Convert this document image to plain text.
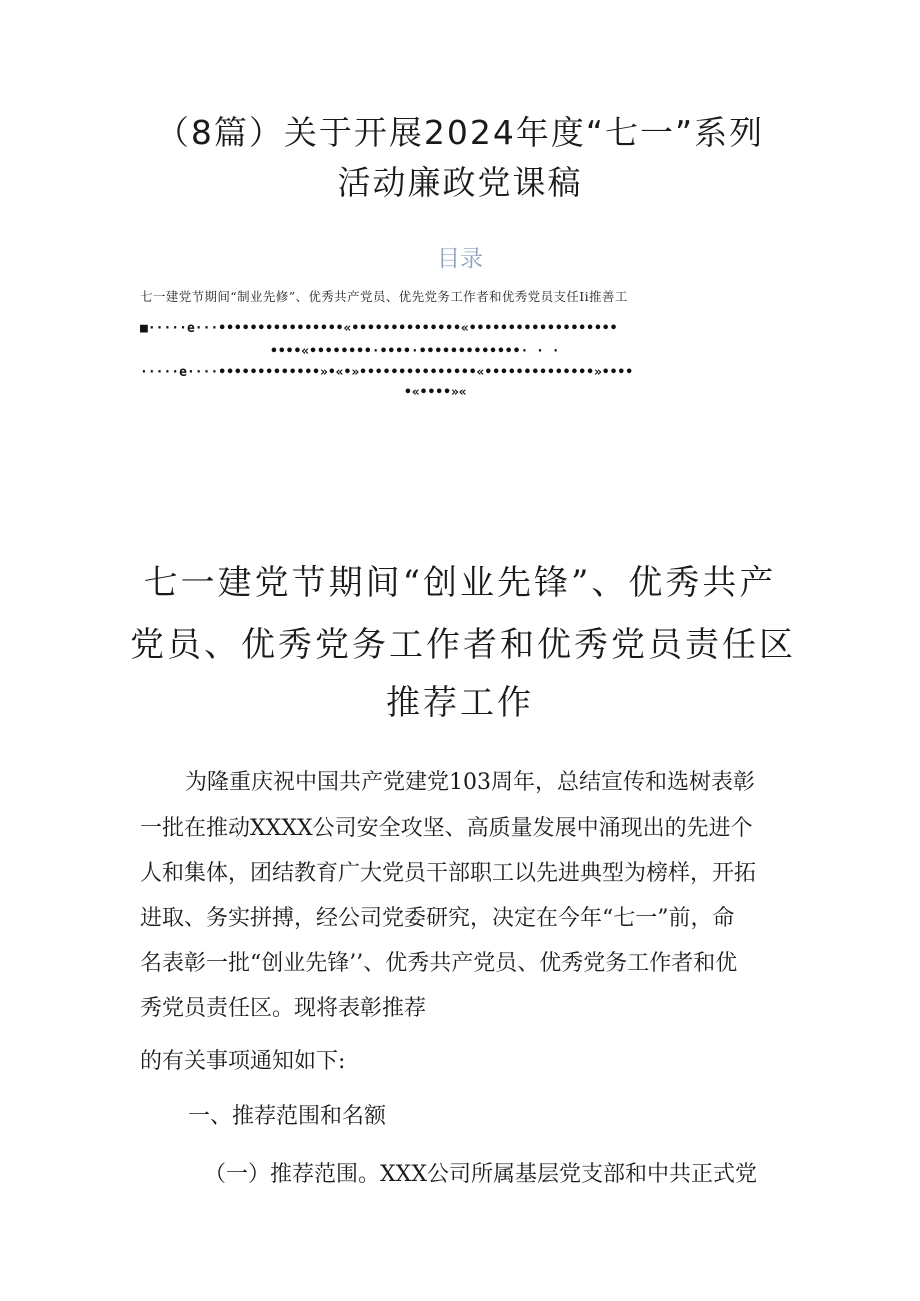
（8篇）关于开展2024年度“七一”系列
活动廉政党课稿
目录
七一建党节期间“制业先修”、优秀共产党员、优先党务工作者和优秀党员支任Ii推善工
■·····e···••••••••••••••••«••••••••••••••«•••••••••••••••••••
••••«••••••••·••••·•••••••••••••· · ·
·····e····•••••••••••••»•«•»•••••••••••••••«••••••••••••••»••••
•«••••»«
七一建党节期间“创业先锋”、优秀共产
党员、优秀党务工作者和优秀党员责任区
推荐工作
为隆重庆祝中国共产党建党103周年，总结宣传和选树表彰
一批在推动XXXX公司安全攻坚、高质量发展中涌现出的先进个
人和集体，团结教育广大党员干部职工以先进典型为榜样，开拓
进取、务实拼搏，经公司党委研究，决定在今年“七一”前，命
名表彰一批“创业先锋’’、优秀共产党员、优秀党务工作者和优
秀党员责任区。现将表彰推荐
的有关事项通知如下:
一、推荐范围和名额
（一）推荐范围。XXX公司所属基层党支部和中共正式党
